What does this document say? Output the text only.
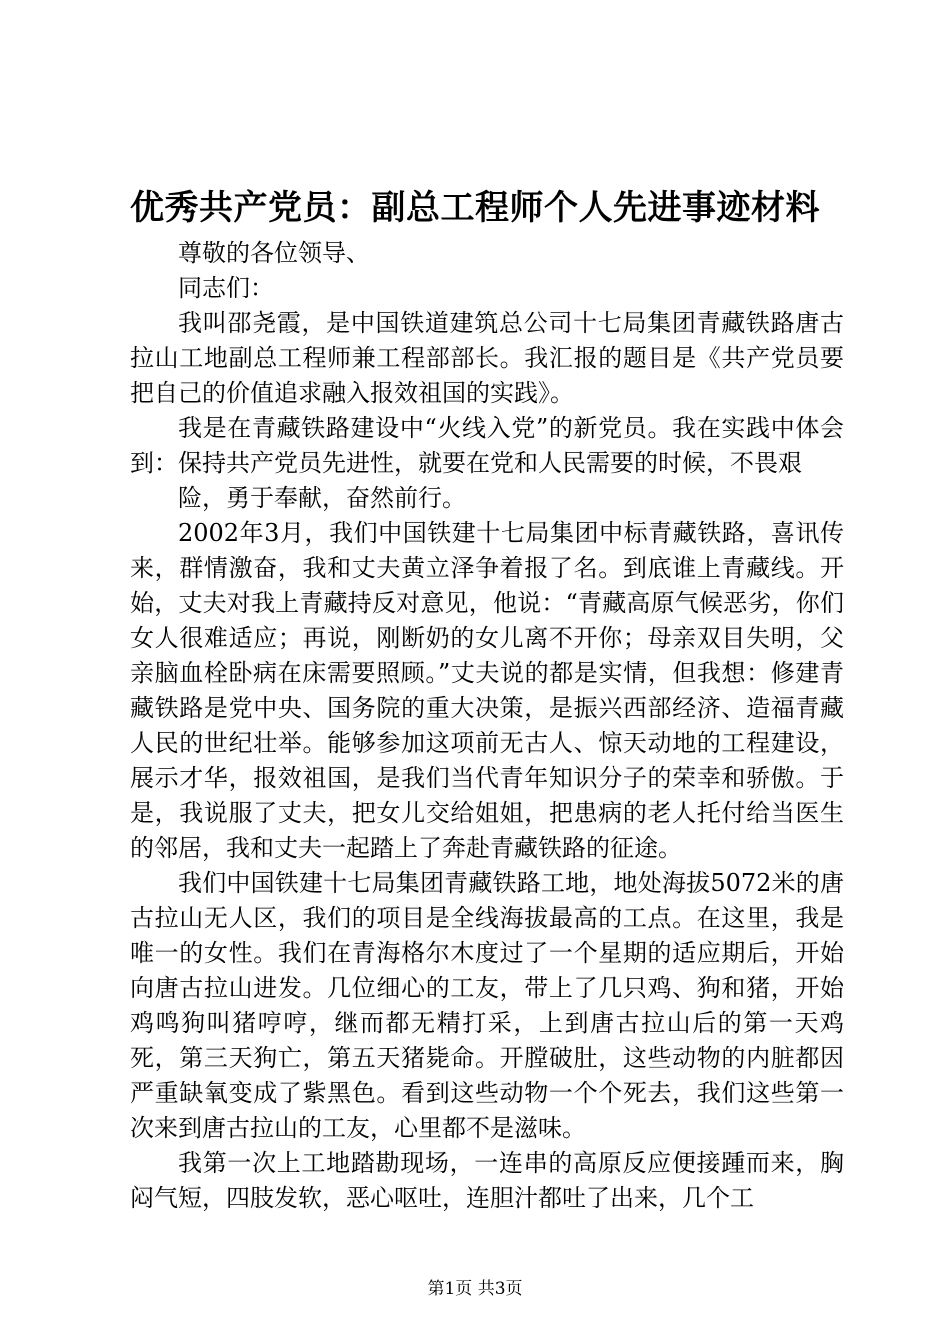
优秀共产党员：副总工程师个人先进事迹材料

尊敬的各位领导、

同志们：

我叫邵尧霞，是中国铁道建筑总公司十七局集团青藏铁路唐古拉山工地副总工程师兼工程部部长。我汇报的题目是《共产党员要把自己的价值追求融入报效祖国的实践》。

我是在青藏铁路建设中“火线入党”的新党员。我在实践中体会到：保持共产党员先进性，就要在党和人民需要的时候，不畏艰

险，勇于奉献，奋然前行。

2002年3月，我们中国铁建十七局集团中标青藏铁路，喜讯传来，群情激奋，我和丈夫黄立泽争着报了名。到底谁上青藏线。开始，丈夫对我上青藏持反对意见，他说：“青藏高原气候恶劣，你们女人很难适应；再说，刚断奶的女儿离不开你；母亲双目失明，父亲脑血栓卧病在床需要照顾。”丈夫说的都是实情，但我想：修建青藏铁路是党中央、国务院的重大决策，是振兴西部经济、造福青藏人民的世纪壮举。能够参加这项前无古人、惊天动地的工程建设，展示才华，报效祖国，是我们当代青年知识分子的荣幸和骄傲。于是，我说服了丈夫，把女儿交给姐姐，把患病的老人托付给当医生的邻居，我和丈夫一起踏上了奔赴青藏铁路的征途。

我们中国铁建十七局集团青藏铁路工地，地处海拔5072米的唐古拉山无人区，我们的项目是全线海拔最高的工点。在这里，我是唯一的女性。我们在青海格尔木度过了一个星期的适应期后，开始向唐古拉山进发。几位细心的工友，带上了几只鸡、狗和猪，开始鸡鸣狗叫猪哼哼，继而都无精打采，上到唐古拉山后的第一天鸡死，第三天狗亡，第五天猪毙命。开膛破肚，这些动物的内脏都因严重缺氧变成了紫黑色。看到这些动物一个个死去，我们这些第一次来到唐古拉山的工友，心里都不是滋味。

我第一次上工地踏勘现场，一连串的高原反应便接踵而来，胸闷气短，四肢发软，恶心呕吐，连胆汁都吐了出来，几个工

第1页 共3页
